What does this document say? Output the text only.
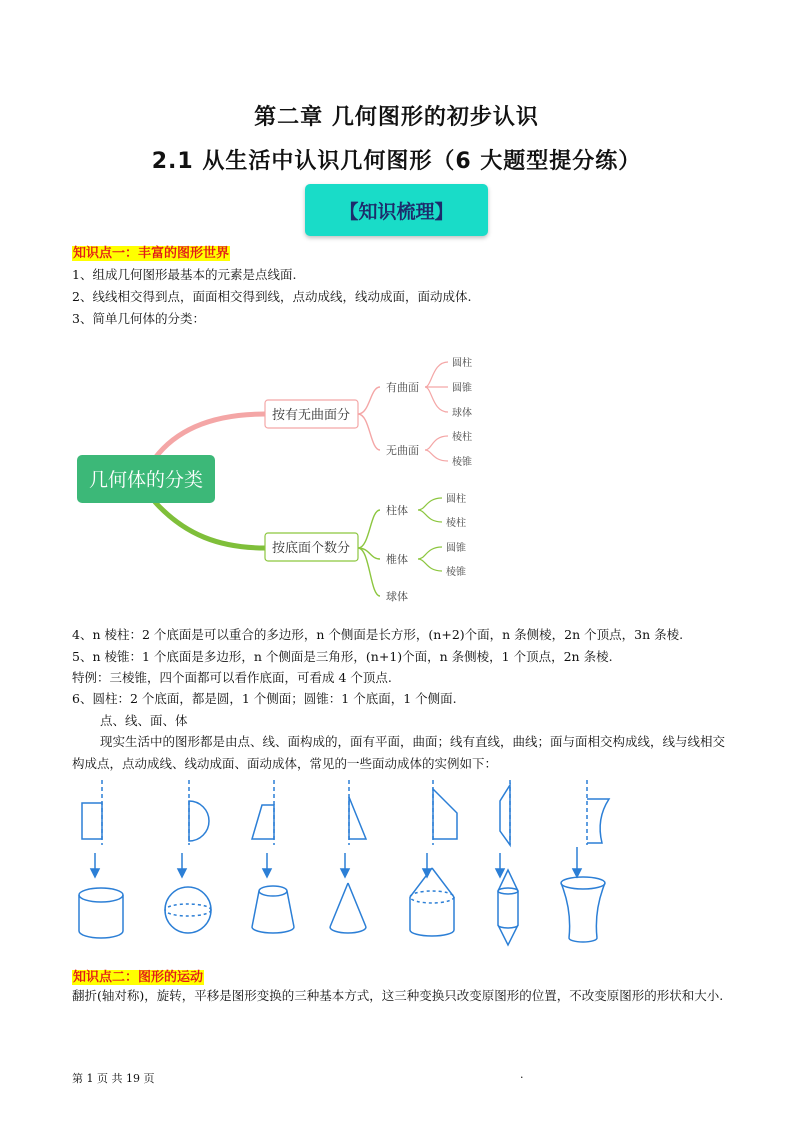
第二章 几何图形的初步认识
2.1 从生活中认识几何图形（6 大题型提分练）
【知识梳理】
知识点一：丰富的图形世界
1、组成几何图形最基本的元素是点线面.
2、线线相交得到点，面面相交得到线，点动成线，线动成面，面动成体.
3、简单几何体的分类：
几何体的分类
按有无曲面分
有曲面
无曲面
圆柱
圆锥
球体
棱柱
棱锥
按底面个数分
柱体
椎体
球体
圆柱
棱柱
圆锥
棱锥
4、n 棱柱：2 个底面是可以重合的多边形，n 个侧面是长方形，(n+2)个面，n 条侧棱，2n 个顶点，3n 条棱.
5、n 棱锥：1 个底面是多边形，n 个侧面是三角形，(n+1)个面，n 条侧棱，1 个顶点，2n 条棱.
特例：三棱锥，四个面都可以看作底面，可看成 4 个顶点.
6、圆柱：2 个底面，都是圆，1 个侧面；圆锥：1 个底面，1 个侧面.
点、线、面、体
现实生活中的图形都是由点、线、面构成的，面有平面，曲面；线有直线，曲线；面与面相交构成线，线与线相交构成点，点动成线、线动成面、面动成体，常见的一些面动成体的实例如下：
知识点二：图形的运动
翻折(轴对称)，旋转，平移是图形变换的三种基本方式，这三种变换只改变原图形的位置，不改变原图形的形状和大小.
第 1 页 共 19 页	.
